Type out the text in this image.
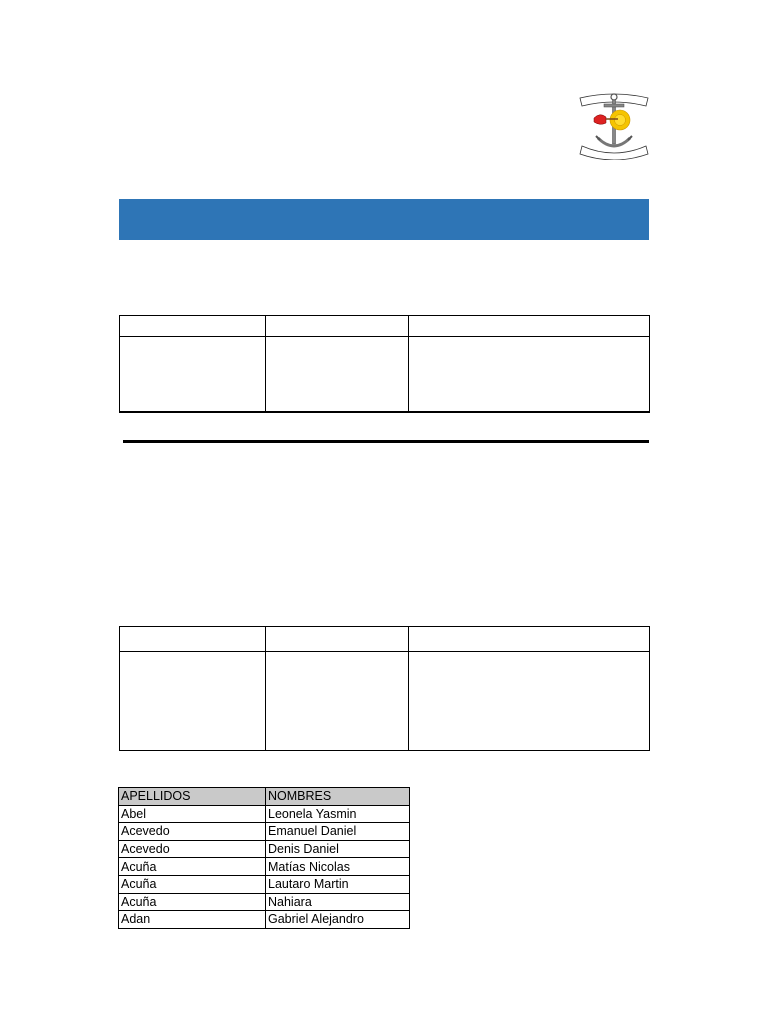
APELLIDOS	NOMBRES
Abel	Leonela Yasmin
Acevedo	Emanuel Daniel
Acevedo	Denis Daniel
Acuña	Matías Nicolas
Acuña	Lautaro Martin
Acuña	Nahiara
Adan	Gabriel Alejandro
